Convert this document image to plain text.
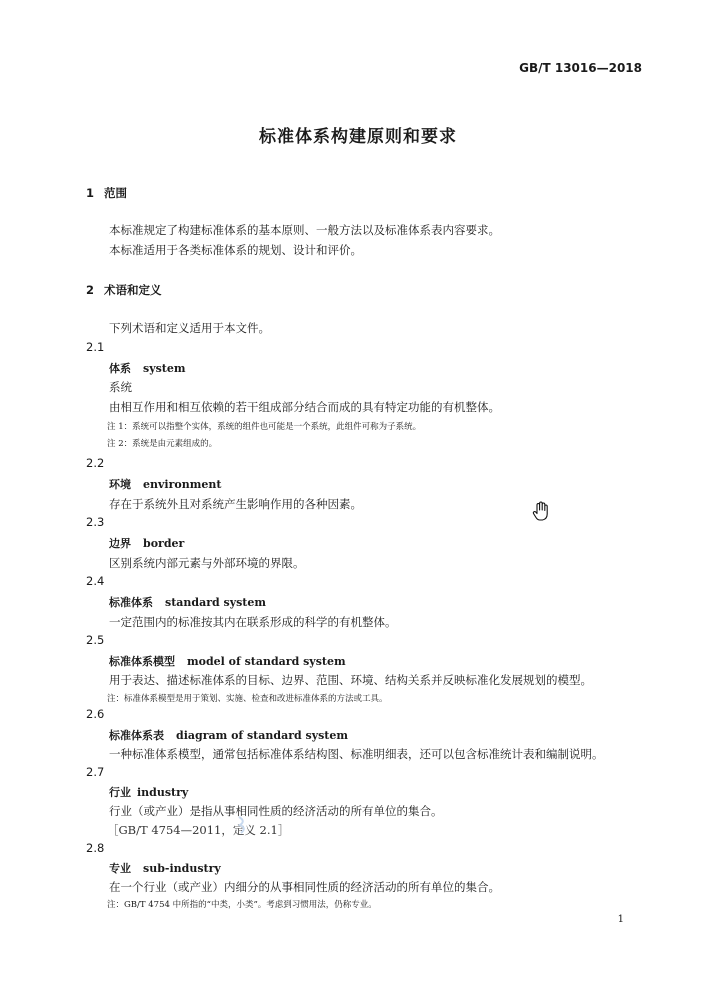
GB/T 13016—2018
标准体系构建原则和要求
1 范围
本标准规定了构建标准体系的基本原则、一般方法以及标准体系表内容要求。
本标准适用于各类标准体系的规划、设计和评价。
2 术语和定义
下列术语和定义适用于本文件。
2.1
体系 system
系统
由相互作用和相互依赖的若干组成部分结合而成的具有特定功能的有机整体。
注 1：系统可以指整个实体，系统的组件也可能是一个系统，此组件可称为子系统。
注 2：系统是由元素组成的。
2.2
环境 environment
存在于系统外且对系统产生影响作用的各种因素。
2.3
边界 border
区别系统内部元素与外部环境的界限。
2.4
标准体系 standard system
一定范围内的标准按其内在联系形成的科学的有机整体。
2.5
标准体系模型 model of standard system
用于表达、描述标准体系的目标、边界、范围、环境、结构关系并反映标准化发展规划的模型。
注：标准体系模型是用于策划、实施、检查和改进标准体系的方法或工具。
2.6
标准体系表 diagram of standard system
一种标准体系模型，通常包括标准体系结构图、标准明细表，还可以包含标准统计表和编制说明。
2.7
行业 industry
行业（或产业）是指从事相同性质的经济活动的所有单位的集合。
［GB/T 4754—2011，定义 2.1］
2.8
专业 sub-industry
在一个行业（或产业）内细分的从事相同性质的经济活动的所有单位的集合。
注：GB/T 4754 中所指的“中类，小类”。考虑到习惯用法，仍称专业。
1
